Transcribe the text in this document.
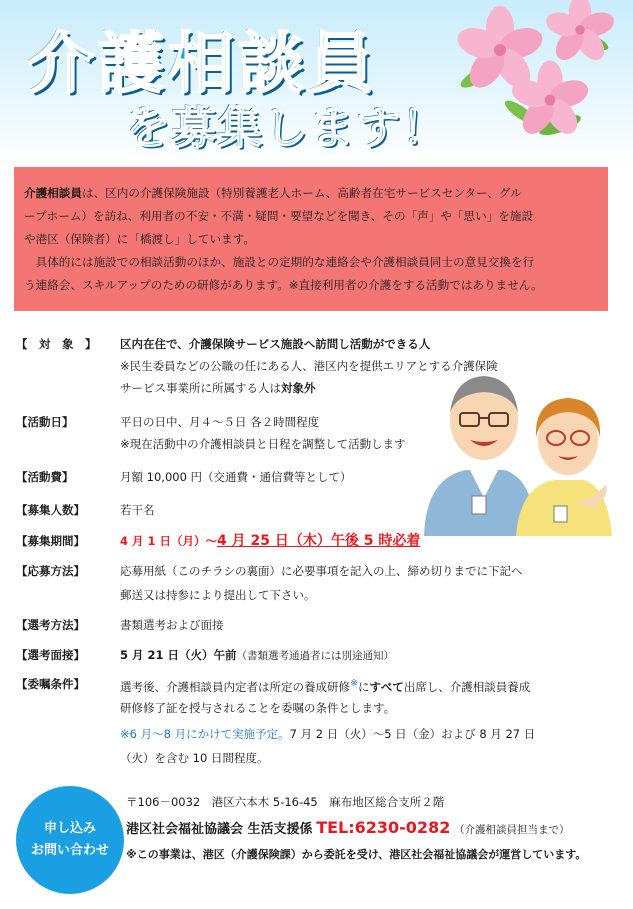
介護相談員
を募集します！

介護相談員は、区内の介護保険施設（特別養護老人ホーム、高齢者在宅サービスセンター、グル

ープホーム）を訪ね、利用者の不安・不満・疑問・要望などを聞き、その「声」や「思い」を施設

や港区（保険者）に「橋渡し」しています。

　具体的には施設での相談活動のほか、施設との定期的な連絡会や介護相談員同士の意見交換を行

う連絡会、スキルアップのための研修があります。※直接利用者の介護をする活動ではありません。

【　対　象　】	区内在住で、介護保険サービス施設へ訪問し活動ができる人
※民生委員などの公職の任にある人、港区内を提供エリアとする介護保険
サービス事業所に所属する人は対象外
【活動日】	平日の日中、月４～５日 各２時間程度
※現在活動中の介護相談員と日程を調整して活動します
【活動費】	月額 10,000 円（交通費・通信費等として）
【募集人数】	若干名
【募集期間】	4 月 1 日（月）～4 月 25 日（木）午後 5 時必着
【応募方法】	応募用紙（このチラシの裏面）に必要事項を記入の上、締め切りまでに下記へ
郵送又は持参により提出して下さい。
【選考方法】	書類選考および面接
【選考面接】	5 月 21 日（火）午前（書類選考通過者には別途通知）
【委嘱条件】	選考後、介護相談員内定者は所定の養成研修※にすべて出席し、介護相談員養成
研修修了証を授与されることを委嘱の条件とします。
※6 月～8 月にかけて実施予定。7 月 2 日（火）～5 日（金）および 8 月 27 日
（火）を含む 10 日間程度。
申し込み
お問い合わせ
〒106－0032　港区六本木 5-16-45　麻布地区総合支所２階
港区社会福祉協議会 生活支援係 TEL:6230-0282 （介護相談員担当まで）
※この事業は、港区（介護保険課）から委託を受け、港区社会福祉協議会が運営しています。
